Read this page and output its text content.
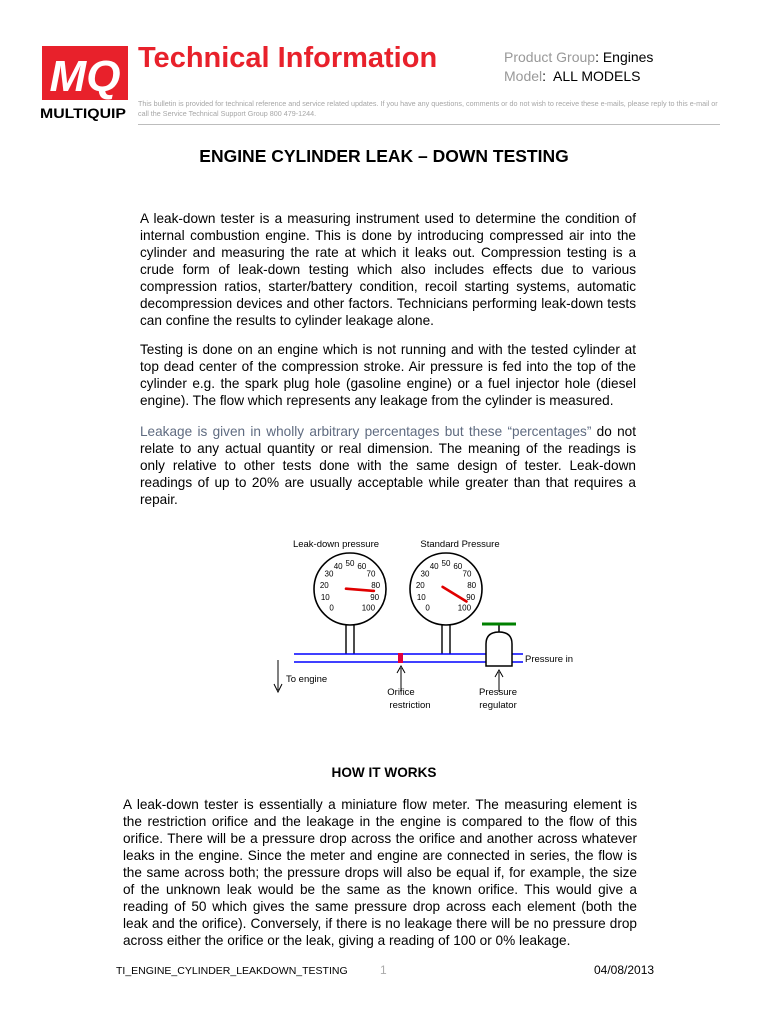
MQ
MULTIQUIP
Technical Information	Product Group: Engines
Model:  ALL MODELS
This bulletin is provided for technical reference and service related updates. If you have any questions, comments or do not wish to receive these e-mails, please reply to this e-mail or call the Service Technical Support Group 800 479-1244.
ENGINE CYLINDER LEAK – DOWN TESTING
A leak-down tester is a measuring instrument used to determine the condition of internal combustion engine. This is done by introducing compressed air into the cylinder and measuring the rate at which it leaks out. Compression testing is a crude form of leak-down testing which also includes effects due to various compression ratios, starter/battery condition, recoil starting systems, automatic decompression devices and other factors. Technicians performing leak-down tests can confine the results to cylinder leakage alone.
Testing is done on an engine which is not running and with the tested cylinder at top dead center of the compression stroke. Air pressure is fed into the top of the cylinder e.g. the spark plug hole (gasoline engine) or a fuel injector hole (diesel engine). The flow which represents any leakage from the cylinder is measured.
Leakage is given in wholly arbitrary percentages but these “percentages” do not relate to any actual quantity or real dimension. The meaning of the readings is only relative to other tests done with the same design of tester. Leak-down readings of up to 20% are usually acceptable while greater than that requires a repair.
Leak-down pressure	Standard Pressure
0
10
20
30
40 50 60
70
80
90
100	0
10
20
30
40 50 60
70
80
90
100
To engine
Orifice
restriction
Pressure in
Pressure
regulator
HOW IT WORKS
A leak-down tester is essentially a miniature flow meter. The measuring element is the restriction orifice and the leakage in the engine is compared to the flow of this orifice. There will be a pressure drop across the orifice and another across whatever leaks in the engine. Since the meter and engine are connected in series, the flow is the same across both; the pressure drops will also be equal if, for example, the size of the unknown leak would be the same as the known orifice. This would give a reading of 50 which gives the same pressure drop across each element (both the leak and the orifice). Conversely, if there is no leakage there will be no pressure drop across either the orifice or the leak, giving a reading of 100 or 0% leakage.
TI_ENGINE_CYLINDER_LEAKDOWN_TESTING	1	04/08/2013
